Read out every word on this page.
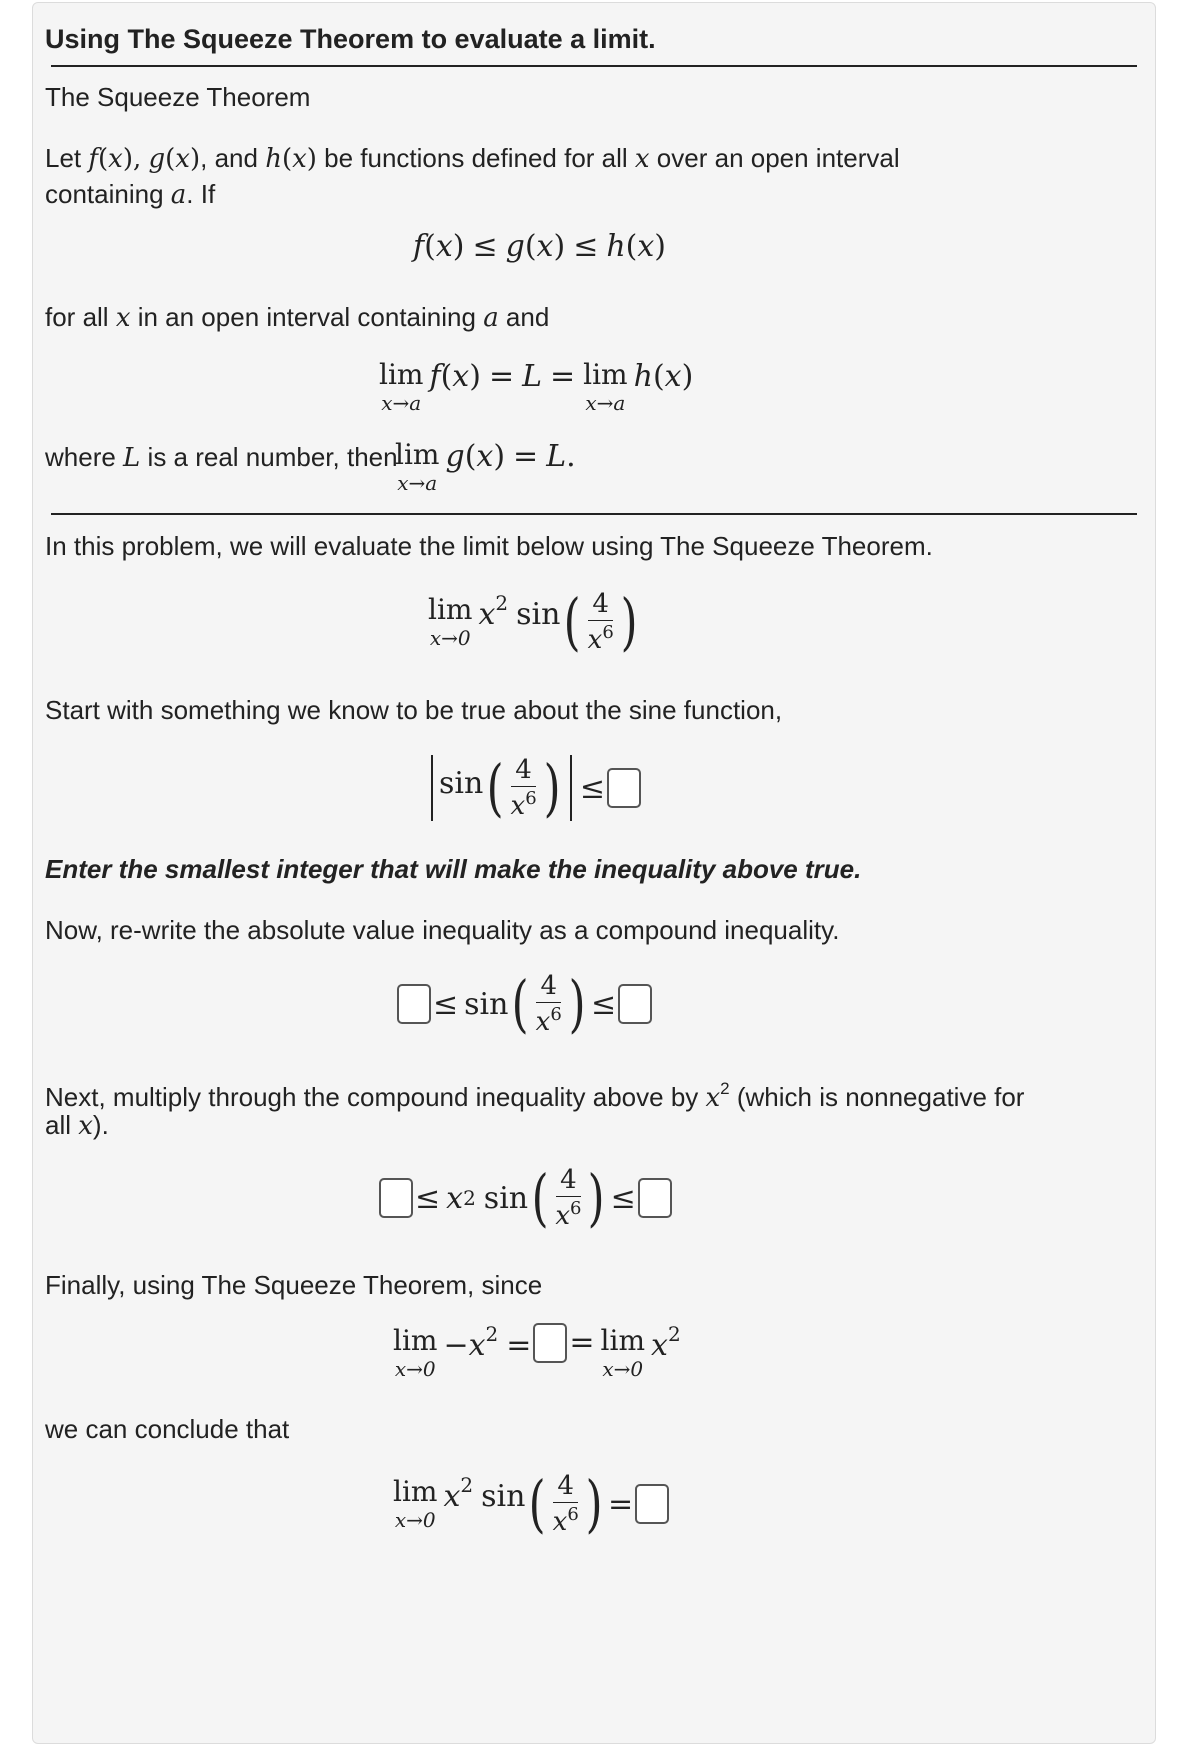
Using The Squeeze Theorem to evaluate a limit.
The Squeeze Theorem
Let f(x), g(x), and h(x) be functions defined for all x over an open interval
containing a. If
f ( x ) ≤ g ( x ) ≤ h ( x )
for all x in an open interval containing a and
lim
x→a
f(x) = L = lim
x→a
h(x)
where L is a real number, then
lim
x→a
g(x) = L.
In this problem, we will evaluate the limit below using The Squeeze Theorem.
lim
x→0
$x^2$ sin ( $\frac{4}{x^6}$ )
Start with something we know to be true about the sine function,
sin ( $\frac{4}{x^6}$ ) ≤
Enter the smallest integer that will make the inequality above true.
Now, re-write the absolute value inequality as a compound inequality.
≤ sin ( $\frac{4}{x^6}$ ) ≤
Next, multiply through the compound inequality above by $x^2$ (which is nonnegative for
all x).
≤ x 2 sin ( $\frac{4}{x^6}$ ) ≤
Finally, using The Squeeze Theorem, since
lim
x→0
$-x^2$ = = lim
x→0
$x^2$
we can conclude that
lim
x→0
$x^2$ sin ( $\frac{4}{x^6}$ ) =
